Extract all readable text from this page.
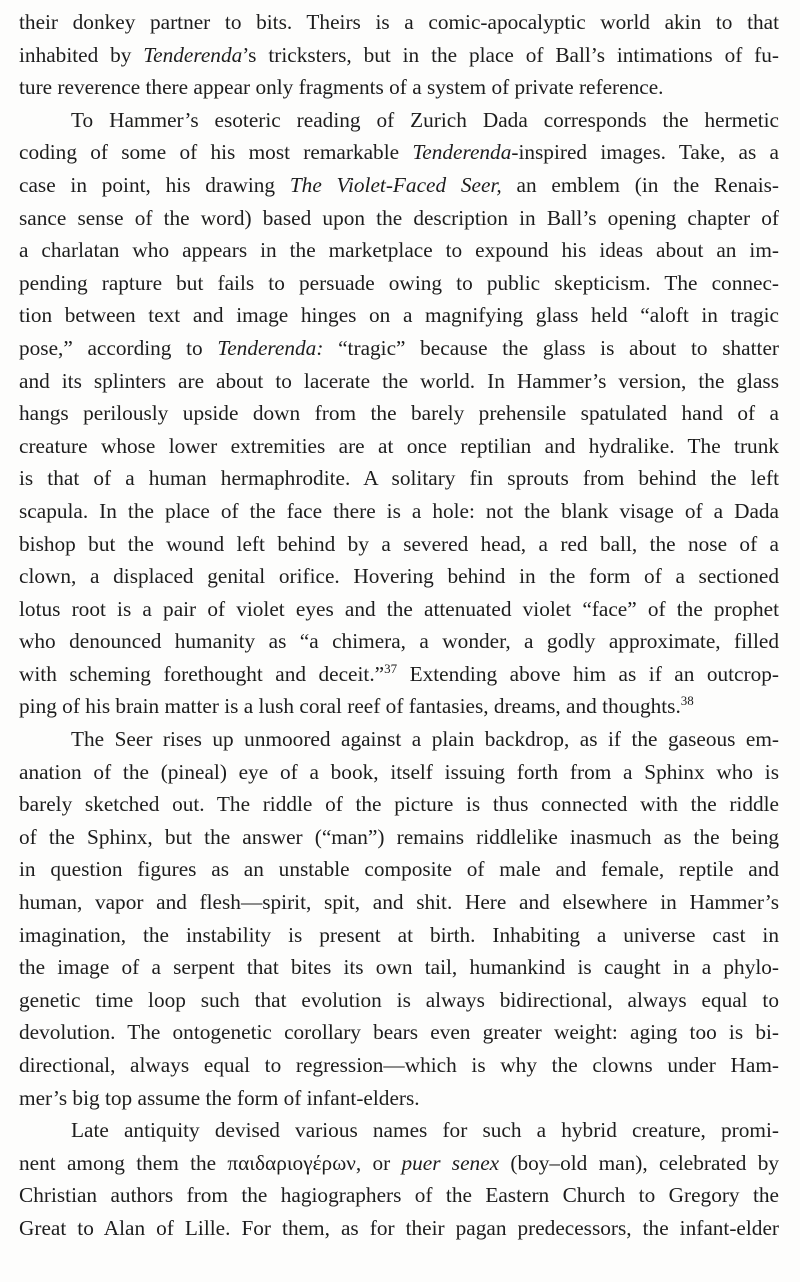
their donkey partner to bits. Theirs is a comic-apocalyptic world akin to that
inhabited by Tenderenda’s tricksters, but in the place of Ball’s intimations of fu-
ture reverence there appear only fragments of a system of private reference.
To Hammer’s esoteric reading of Zurich Dada corresponds the hermetic
coding of some of his most remarkable Tenderenda-inspired images. Take, as a
case in point, his drawing The Violet-Faced Seer, an emblem (in the Renais-
sance sense of the word) based upon the description in Ball’s opening chapter of
a charlatan who appears in the marketplace to expound his ideas about an im-
pending rapture but fails to persuade owing to public skepticism. The connec-
tion between text and image hinges on a magnifying glass held “aloft in tragic
pose,” according to Tenderenda: “tragic” because the glass is about to shatter
and its splinters are about to lacerate the world. In Hammer’s version, the glass
hangs perilously upside down from the barely prehensile spatulated hand of a
creature whose lower extremities are at once reptilian and hydralike. The trunk
is that of a human hermaphrodite. A solitary fin sprouts from behind the left
scapula. In the place of the face there is a hole: not the blank visage of a Dada
bishop but the wound left behind by a severed head, a red ball, the nose of a
clown, a displaced genital orifice. Hovering behind in the form of a sectioned
lotus root is a pair of violet eyes and the attenuated violet “face” of the prophet
who denounced humanity as “a chimera, a wonder, a godly approximate, filled
with scheming forethought and deceit.”$^{37}$ Extending above him as if an outcrop-
ping of his brain matter is a lush coral reef of fantasies, dreams, and thoughts.$^{38}$
The Seer rises up unmoored against a plain backdrop, as if the gaseous em-
anation of the (pineal) eye of a book, itself issuing forth from a Sphinx who is
barely sketched out. The riddle of the picture is thus connected with the riddle
of the Sphinx, but the answer (“man”) remains riddlelike inasmuch as the being
in question figures as an unstable composite of male and female, reptile and
human, vapor and flesh—spirit, spit, and shit. Here and elsewhere in Hammer’s
imagination, the instability is present at birth. Inhabiting a universe cast in
the image of a serpent that bites its own tail, humankind is caught in a phylo-
genetic time loop such that evolution is always bidirectional, always equal to
devolution. The ontogenetic corollary bears even greater weight: aging too is bi-
directional, always equal to regression—which is why the clowns under Ham-
mer’s big top assume the form of infant-elders.
Late antiquity devised various names for such a hybrid creature, promi-
nent among them the παιδαριογέρων, or puer senex (boy–old man), celebrated by
Christian authors from the hagiographers of the Eastern Church to Gregory the
Great to Alan of Lille. For them, as for their pagan predecessors, the infant-elder
